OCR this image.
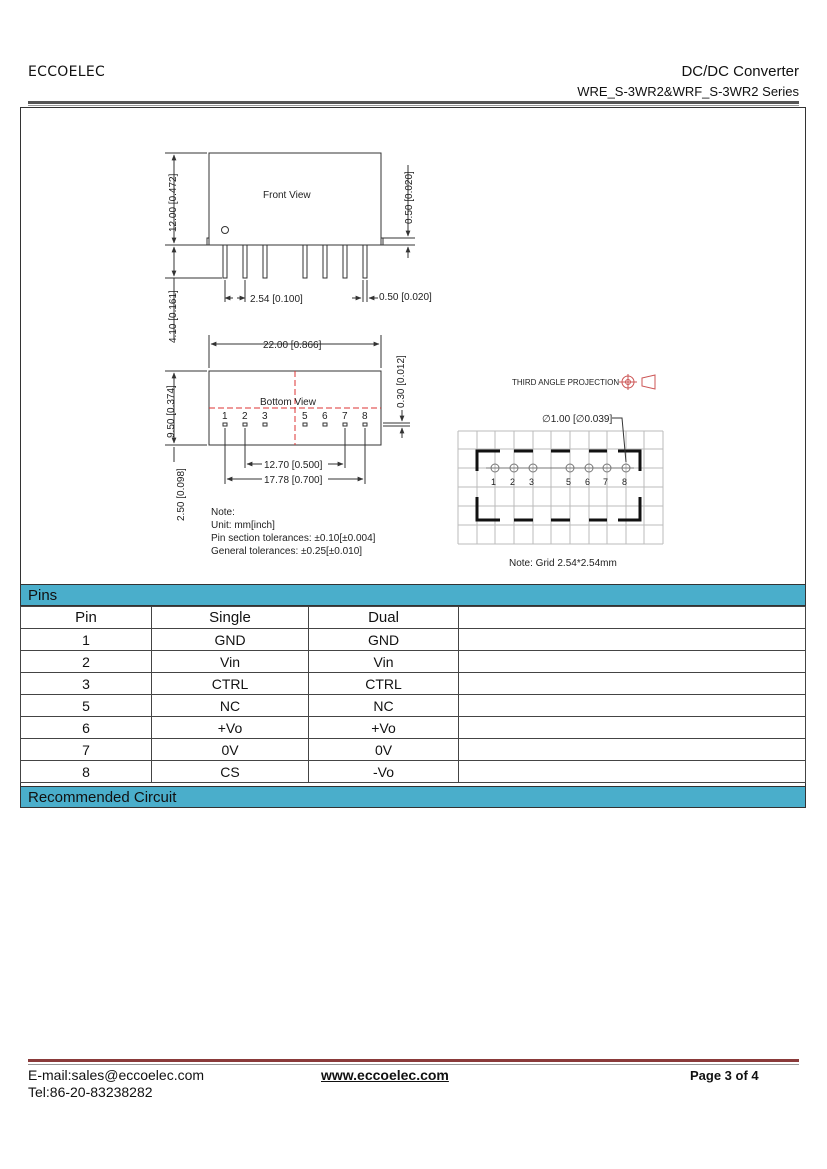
ECCOELEC	DC/DC Converter
WRE_S-3WR2&WRF_S-3WR2 Series
Front View
Bottom View
12.00 [0.472]
4.10 [0.161]	2.54 [0.100]	0.50 [0.020]
0.50 [0.020]
22.00 [0.866]
9.50 [0.374]
0.30 [0.012]
12.70 [0.500]
17.78 [0.700]
2.50 [0.098]
1 2 3	5 6 7 8
Note:
Unit: mm[inch]
Pin section tolerances: ±0.10[±0.004]
General tolerances: ±0.25[±0.010]
THIRD ANGLE PROJECTION
∅1.00 [∅0.039]
Note: Grid 2.54*2.54mm
1 2 3	5 6 7 8
Pins
Pin	Single	Dual	
1	GND	GND	
2	Vin	Vin	
3	CTRL	CTRL	
5	NC	NC	
6	+Vo	+Vo	
7	0V	0V	
8	CS	-Vo	
Recommended Circuit
E-mail:sales@eccoelec.com
Tel:86-20-83238282
www.eccoelec.com	Page 3 of 4
